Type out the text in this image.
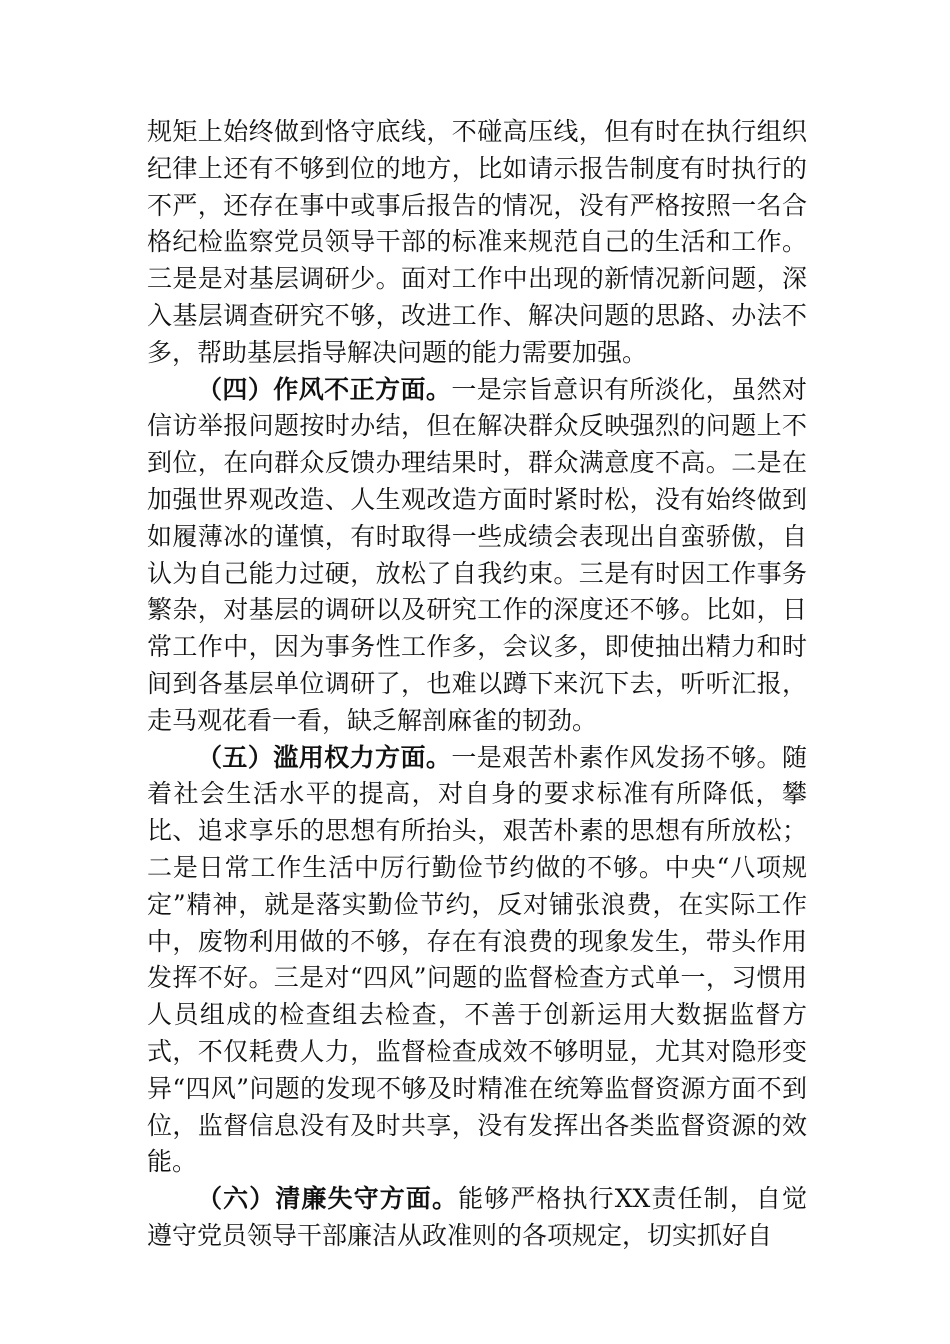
规矩上始终做到恪守底线，不碰高压线，但有时在执行组织纪律上还有不够到位的地方，比如请示报告制度有时执行的不严，还存在事中或事后报告的情况，没有严格按照一名合格纪检监察党员领导干部的标准来规范自己的生活和工作。三是是对基层调研少。面对工作中出现的新情况新问题，深入基层调查研究不够，改进工作、解决问题的思路、办法不多，帮助基层指导解决问题的能力需要加强。

（四）作风不正方面。一是宗旨意识有所淡化，虽然对信访举报问题按时办结，但在解决群众反映强烈的问题上不到位，在向群众反馈办理结果时，群众满意度不高。二是在加强世界观改造、人生观改造方面时紧时松，没有始终做到如履薄冰的谨慎，有时取得一些成绩会表现出自蛮骄傲，自认为自己能力过硬，放松了自我约束。三是有时因工作事务繁杂，对基层的调研以及研究工作的深度还不够。比如，日常工作中，因为事务性工作多，会议多，即使抽出精力和时间到各基层单位调研了，也难以蹲下来沉下去，听听汇报，走马观花看一看，缺乏解剖麻雀的韧劲。

（五）滥用权力方面。一是艰苦朴素作风发扬不够。随着社会生活水平的提高，对自身的要求标准有所降低，攀比、追求享乐的思想有所抬头，艰苦朴素的思想有所放松；二是日常工作生活中厉行勤俭节约做的不够。中央“八项规定”精神，就是落实勤俭节约，反对铺张浪费，在实际工作中，废物利用做的不够，存在有浪费的现象发生，带头作用发挥不好。三是对“四风”问题的监督检查方式单一，习惯用人员组成的检查组去检查，不善于创新运用大数据监督方式，不仅耗费人力，监督检查成效不够明显，尤其对隐形变异“四风”问题的发现不够及时精准在统筹监督资源方面不到位，监督信息没有及时共享，没有发挥出各类监督资源的效能。

（六）清廉失守方面。能够严格执行XX责任制，自觉遵守党员领导干部廉洁从政准则的各项规定，切实抓好自
